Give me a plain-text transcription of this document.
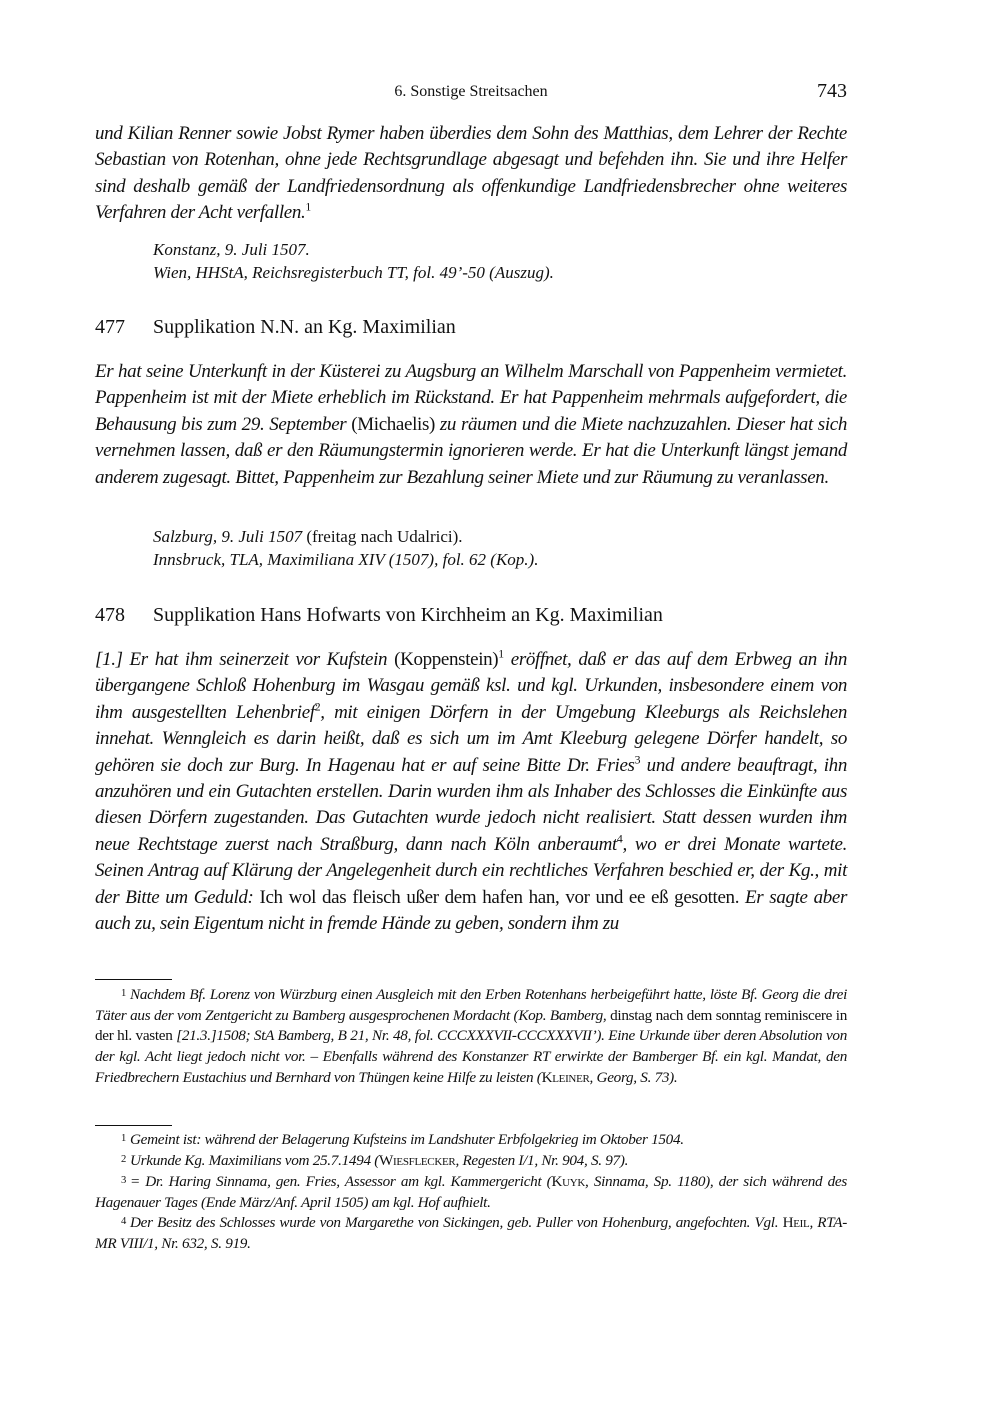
6. Sonstige Streitsachen	743

und Kilian Renner sowie Jobst Rymer haben überdies dem Sohn des Matthias, dem Lehrer der Rechte Sebastian von Rotenhan, ohne jede Rechtsgrundlage abgesagt und befehden ihn. Sie und ihre Helfer sind deshalb gemäß der Landfriedensordnung als offenkundige Landfriedensbrecher ohne weiteres Verfahren der Acht verfallen.$^1$

Konstanz, 9. Juli 1507.
Wien, HHStA, Reichsregisterbuch TT, fol. 49’-50 (Auszug).
477 Supplikation N.N. an Kg. Maximilian

Er hat seine Unterkunft in der Küsterei zu Augsburg an Wilhelm Marschall von Pappenheim vermietet. Pappenheim ist mit der Miete erheblich im Rückstand. Er hat Pappenheim mehrmals aufgefordert, die Behausung bis zum 29. September (Michaelis) zu räumen und die Miete nachzuzahlen. Dieser hat sich vernehmen lassen, daß er den Räumungstermin ignorieren werde. Er hat die Unterkunft längst jemand anderem zugesagt. Bittet, Pappenheim zur Bezahlung seiner Miete und zur Räumung zu veranlassen.

Salzburg, 9. Juli 1507 (freitag nach Udalrici).
Innsbruck, TLA, Maximiliana XIV (1507), fol. 62 (Kop.).
478 Supplikation Hans Hofwarts von Kirchheim an Kg. Maximilian

[1.] Er hat ihm seinerzeit vor Kufstein (Koppenstein)$^1$ eröffnet, daß er das auf dem Erbweg an ihn übergangene Schloß Hohenburg im Wasgau gemäß ksl. und kgl. Urkunden, insbesondere einem von ihm ausgestellten Lehenbrief$^2$, mit einigen Dörfern in der Umgebung Kleeburgs als Reichslehen innehat. Wenngleich es darin heißt, daß es sich um im Amt Kleeburg gelegene Dörfer handelt, so gehören sie doch zur Burg. In Hagenau hat er auf seine Bitte Dr. Fries$^3$ und andere beauftragt, ihn anzuhören und ein Gutachten erstellen. Darin wurden ihm als Inhaber des Schlosses die Einkünfte aus diesen Dörfern zugestanden. Das Gutachten wurde jedoch nicht realisiert. Statt dessen wurden ihm neue Rechtstage zuerst nach Straßburg, dann nach Köln anberaumt$^4$, wo er drei Monate wartete. Seinen Antrag auf Klärung der Angelegenheit durch ein rechtliches Verfahren beschied er, der Kg., mit der Bitte um Geduld: Ich wol das fleisch ußer dem hafen han, vor und ee eß gesotten. Er sagte aber auch zu, sein Eigentum nicht in fremde Hände zu geben, sondern ihm zu

$^1$ Nachdem Bf. Lorenz von Würzburg einen Ausgleich mit den Erben Rotenhans herbeigeführt hatte, löste Bf. Georg die drei Täter aus der vom Zentgericht zu Bamberg ausgesprochenen Mordacht (Kop. Bamberg, dinstag nach dem sonntag reminiscere in der hl. vasten [21.3.]1508; StA Bamberg, B 21, Nr. 48, fol. CCCXXXVII-CCCXXXVII’). Eine Urkunde über deren Absolution von der kgl. Acht liegt jedoch nicht vor. – Ebenfalls während des Konstanzer RT erwirkte der Bamberger Bf. ein kgl. Mandat, den Friedbrechern Eustachius und Bernhard von Thüngen keine Hilfe zu leisten (Kleiner, Georg, S. 73).

$^1$ Gemeint ist: während der Belagerung Kufsteins im Landshuter Erbfolgekrieg im Oktober 1504.

$^2$ Urkunde Kg. Maximilians vom 25.7.1494 (Wiesflecker, Regesten I/1, Nr. 904, S. 97).

$^3$ = Dr. Haring Sinnama, gen. Fries, Assessor am kgl. Kammergericht (Kuyk, Sinnama, Sp. 1180), der sich während des Hagenauer Tages (Ende März/Anf. April 1505) am kgl. Hof aufhielt.

$^4$ Der Besitz des Schlosses wurde von Margarethe von Sickingen, geb. Puller von Hohenburg, angefochten. Vgl. Heil, RTA-MR VIII/1, Nr. 632, S. 919.
